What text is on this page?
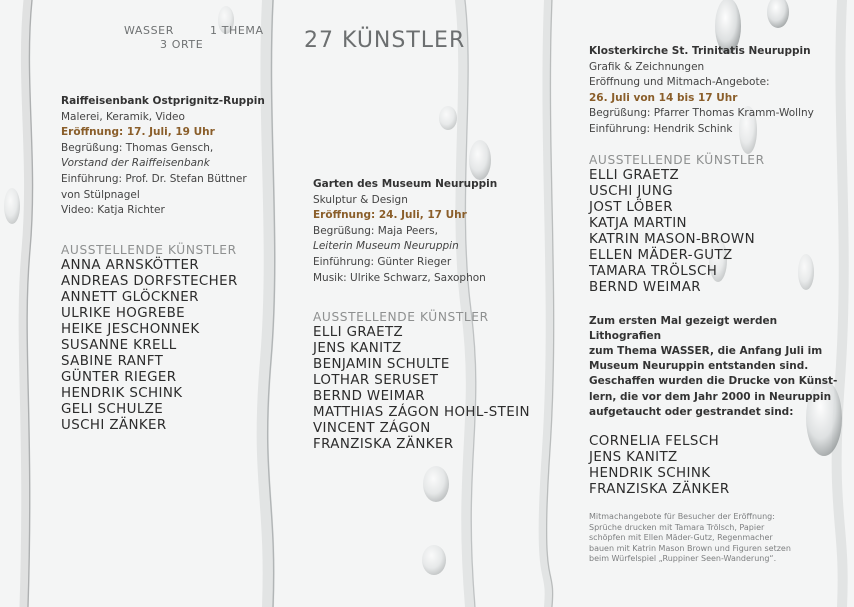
WASSER	1 THEMA
3 ORTE	27 KÜNSTLER
Raiffeisenbank Ostprignitz-Ruppin
Malerei, Keramik, Video
Eröffnung: 17. Juli, 19 Uhr
Begrüßung: Thomas Gensch,
Vorstand der Raiffeisenbank
Einführung: Prof. Dr. Stefan Büttner
von Stülpnagel
Video: Katja Richter
AUSSTELLENDE KÜNSTLER
ANNA ARNSKÖTTER
ANDREAS DORFSTECHER
ANNETT GLÖCKNER
ULRIKE HOGREBE
HEIKE JESCHONNEK
SUSANNE KRELL
SABINE RANFT
GÜNTER RIEGER
HENDRIK SCHINK
GELI SCHULZE
USCHI ZÄNKER
Garten des Museum Neuruppin
Skulptur & Design
Eröffnung: 24. Juli, 17 Uhr
Begrüßung: Maja Peers,
Leiterin Museum Neuruppin
Einführung: Günter Rieger
Musik: Ulrike Schwarz, Saxophon
AUSSTELLENDE KÜNSTLER
ELLI GRAETZ
JENS KANITZ
BENJAMIN SCHULTE
LOTHAR SERUSET
BERND WEIMAR
MATTHIAS ZÁGON HOHL-STEIN
VINCENT ZÁGON
FRANZISKA ZÄNKER
Klosterkirche St. Trinitatis Neuruppin
Grafik & Zeichnungen
Eröffnung und Mitmach-Angebote:
26. Juli von 14 bis 17 Uhr
Begrüßung: Pfarrer Thomas Kramm-Wollny
Einführung: Hendrik Schink
AUSSTELLENDE KÜNSTLER
ELLI GRAETZ
USCHI JUNG
JOST LÖBER
KATJA MARTIN
KATRIN MASON-BROWN
ELLEN MÄDER-GUTZ
TAMARA TRÖLSCH
BERND WEIMAR
Zum ersten Mal gezeigt werden Lithografien
zum Thema WASSER, die Anfang Juli im
Museum Neuruppin entstanden sind.
Geschaffen wurden die Drucke von Künst-
lern, die vor dem Jahr 2000 in Neuruppin
aufgetaucht oder gestrandet sind:
CORNELIA FELSCH
JENS KANITZ
HENDRIK SCHINK
FRANZISKA ZÄNKER
Mitmachangebote für Besucher der Eröffnung:
Sprüche drucken mit Tamara Trölsch, Papier
schöpfen mit Ellen Mäder-Gutz, Regenmacher
bauen mit Katrin Mason Brown und Figuren setzen
beim Würfelspiel „Ruppiner Seen-Wanderung“.
